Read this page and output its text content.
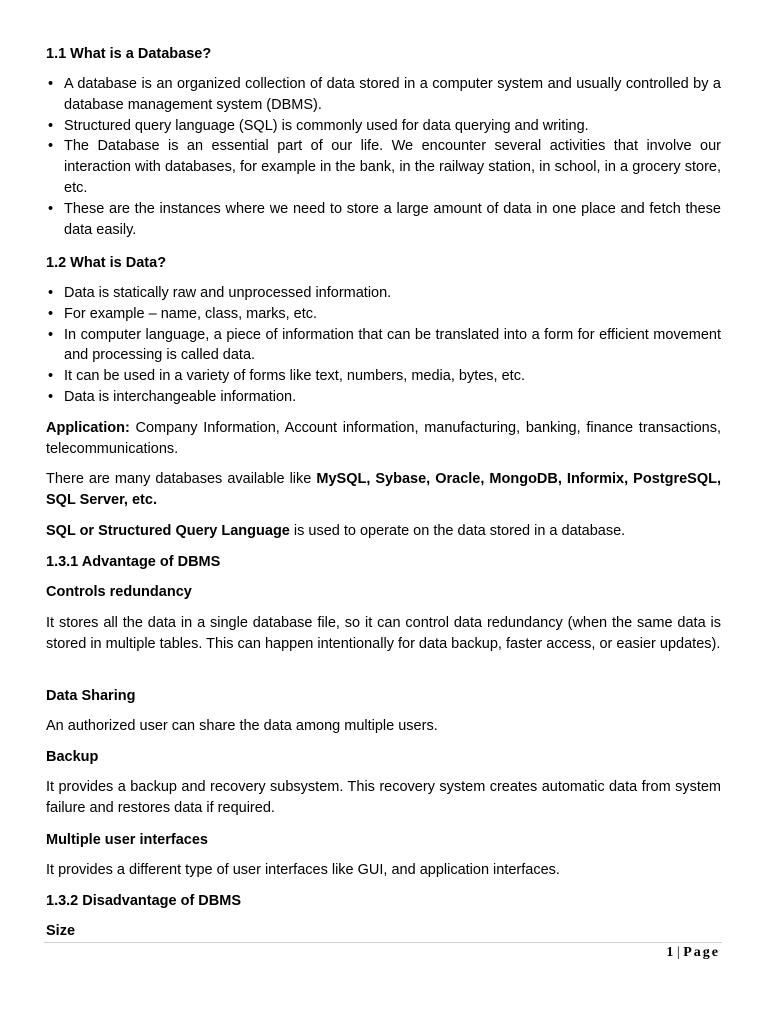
1.1 What is a Database?
• A database is an organized collection of data stored in a computer system and usually controlled by a database management system (DBMS).
• Structured query language (SQL) is commonly used for data querying and writing.
• The Database is an essential part of our life. We encounter several activities that involve our interaction with databases, for example in the bank, in the railway station, in school, in a grocery store, etc.
• These are the instances where we need to store a large amount of data in one place and fetch these data easily.
1.2 What is Data?
• Data is statically raw and unprocessed information.
• For example – name, class, marks, etc.
• In computer language, a piece of information that can be translated into a form for efficient movement and processing is called data.
• It can be used in a variety of forms like text, numbers, media, bytes, etc.
• Data is interchangeable information.

Application: Company Information, Account information, manufacturing, banking, finance transactions, telecommunications.

There are many databases available like MySQL, Sybase, Oracle, MongoDB, Informix, PostgreSQL, SQL Server, etc.

SQL or Structured Query Language is used to operate on the data stored in a database.

1.3.1 Advantage of DBMS
Controls redundancy

It stores all the data in a single database file, so it can control data redundancy (when the same data is stored in multiple tables. This can happen intentionally for data backup, faster access, or easier updates).

Data Sharing

An authorized user can share the data among multiple users.

Backup

It provides a backup and recovery subsystem. This recovery system creates automatic data from system failure and restores data if required.

Multiple user interfaces

It provides a different type of user interfaces like GUI, and application interfaces.

1.3.2 Disadvantage of DBMS
Size
1 | Page
